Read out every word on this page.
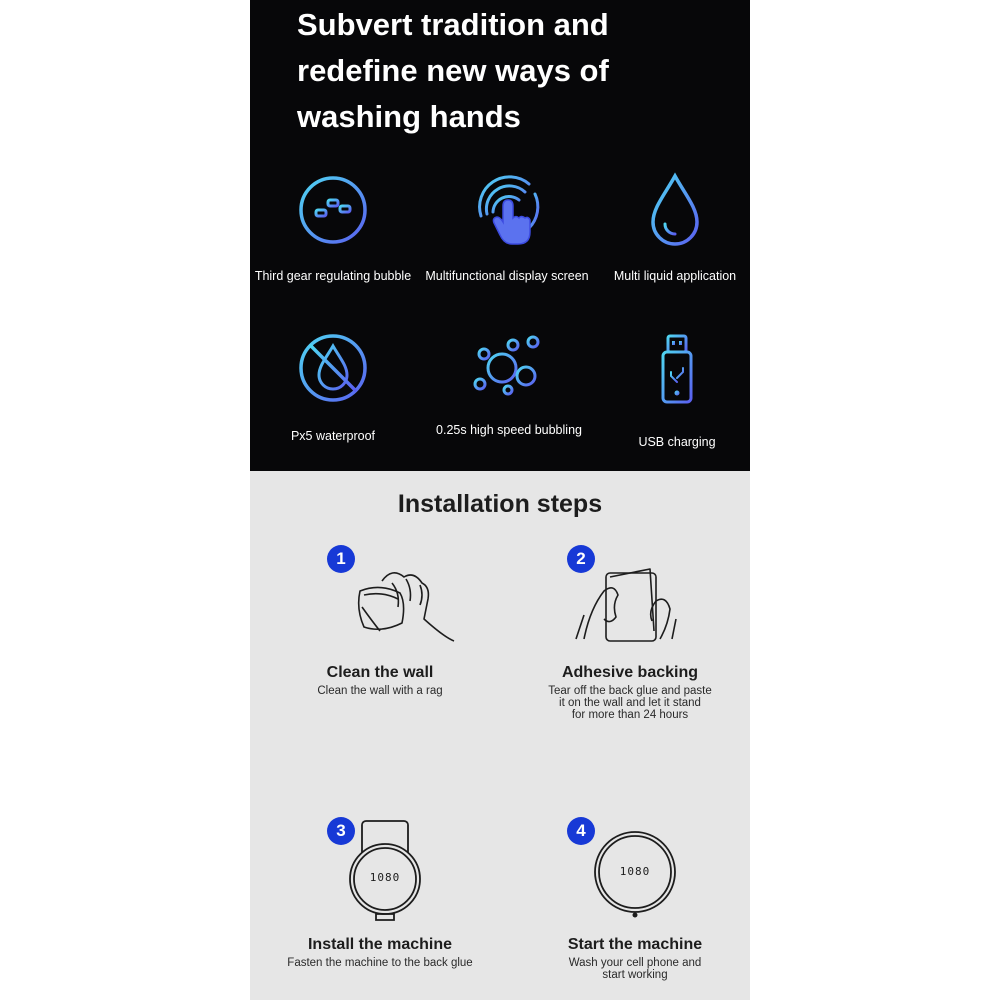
Subvert tradition and
redefine new ways of
washing hands
Third gear regulating bubble	Multifunctional display screen	Multi liquid application
Px5 waterproof	0.25s high speed bubbling
USB charging
Installation steps
1
Clean the wall
Clean the wall with a rag
2
Adhesive backing
Tear off the back glue and paste
it on the wall and let it stand
for more than 24 hours
3
1080
Install the machine
Fasten the machine to the back glue
4
1080
Start the machine
Wash your cell phone and
start working
